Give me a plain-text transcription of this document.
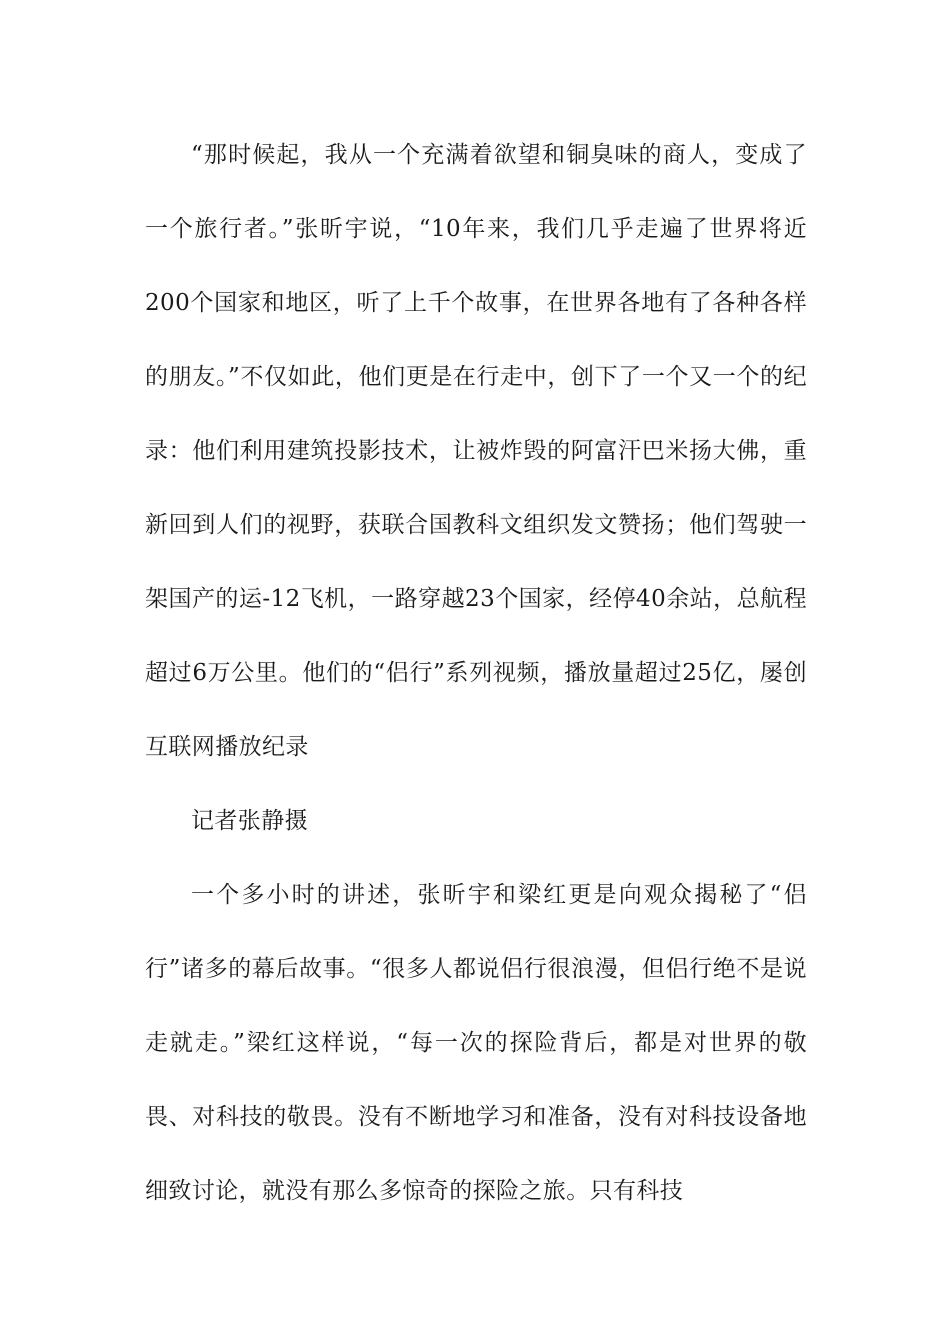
“那时候起，我从一个充满着欲望和铜臭味的商人，变成了一个旅行者。”张昕宇说，“10年来，我们几乎走遍了世界将近200个国家和地区，听了上千个故事，在世界各地有了各种各样的朋友。”不仅如此，他们更是在行走中，创下了一个又一个的纪录：他们利用建筑投影技术，让被炸毁的阿富汗巴米扬大佛，重新回到人们的视野，获联合国教科文组织发文赞扬；他们驾驶一架国产的运-12飞机，一路穿越23个国家，经停40余站，总航程超过6万公里。他们的“侣行”系列视频，播放量超过25亿，屡创互联网播放纪录

记者张静摄

一个多小时的讲述，张昕宇和梁红更是向观众揭秘了“侣行”诸多的幕后故事。“很多人都说侣行很浪漫，但侣行绝不是说走就走。”梁红这样说，“每一次的探险背后，都是对世界的敬畏、对科技的敬畏。没有不断地学习和准备，没有对科技设备地细致讨论，就没有那么多惊奇的探险之旅。只有科技
